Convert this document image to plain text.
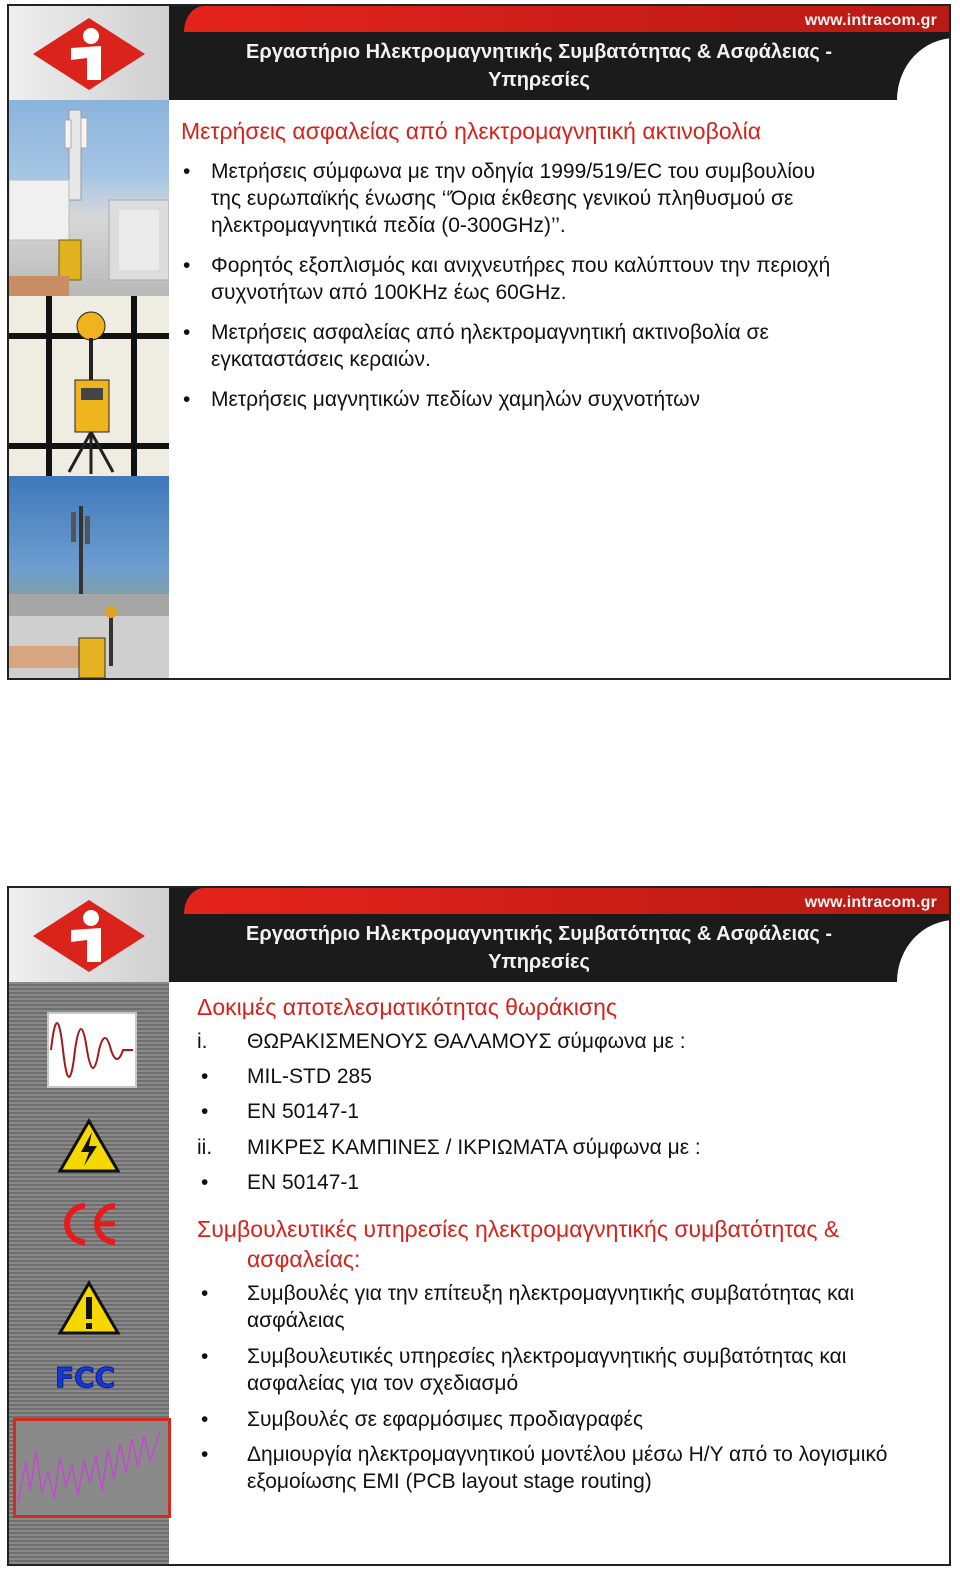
www.intracom.gr
Εργαστήριο Ηλεκτρομαγνητικής Συμβατότητας & Ασφάλειας -
Υπηρεσίες
Μετρήσεις ασφαλείας από ηλεκτρομαγνητική ακτινοβολία
• Μετρήσεις σύμφωνα με την οδηγία 1999/519/EC του συμβουλίου
της ευρωπαϊκής ένωσης ‘‘Όρια έκθεσης γενικού πληθυσμού σε
ηλεκτρομαγνητικά πεδία (0-300GHz)’’.
• Φορητός εξοπλισμός και ανιχνευτήρες που καλύπτουν την περιοχή
συχνοτήτων από 100KHz έως 60GHz.
• Μετρήσεις ασφαλείας από ηλεκτρομαγνητική ακτινοβολία σε
εγκαταστάσεις κεραιών.
• Μετρήσεις μαγνητικών πεδίων χαμηλών συχνοτήτων
www.intracom.gr
Εργαστήριο Ηλεκτρομαγνητικής Συμβατότητας & Ασφάλειας -
Υπηρεσίες
FCC
Δοκιμές αποτελεσματικότητας θωράκισης
i. ΘΩΡΑΚΙΣΜΕΝΟΥΣ ΘΑΛΑΜΟΥΣ σύμφωνα με :
• MIL-STD 285
• EN 50147-1
ii. ΜΙΚΡΕΣ ΚΑΜΠΙΝΕΣ / ΙΚΡΙΩΜΑΤΑ σύμφωνα με :
• EN 50147-1
Συμβουλευτικές υπηρεσίες ηλεκτρομαγνητικής συμβατότητας &
ασφαλείας:
• Συμβουλές για την επίτευξη ηλεκτρομαγνητικής συμβατότητας και
ασφάλειας
• Συμβουλευτικές υπηρεσίες ηλεκτρομαγνητικής συμβατότητας και
ασφαλείας για τον σχεδιασμό
• Συμβουλές σε εφαρμόσιμες προδιαγραφές
• Δημιουργία ηλεκτρομαγνητικού μοντέλου μέσω Η/Υ από το λογισμικό
εξομοίωσης EMI (PCB layout stage routing)
